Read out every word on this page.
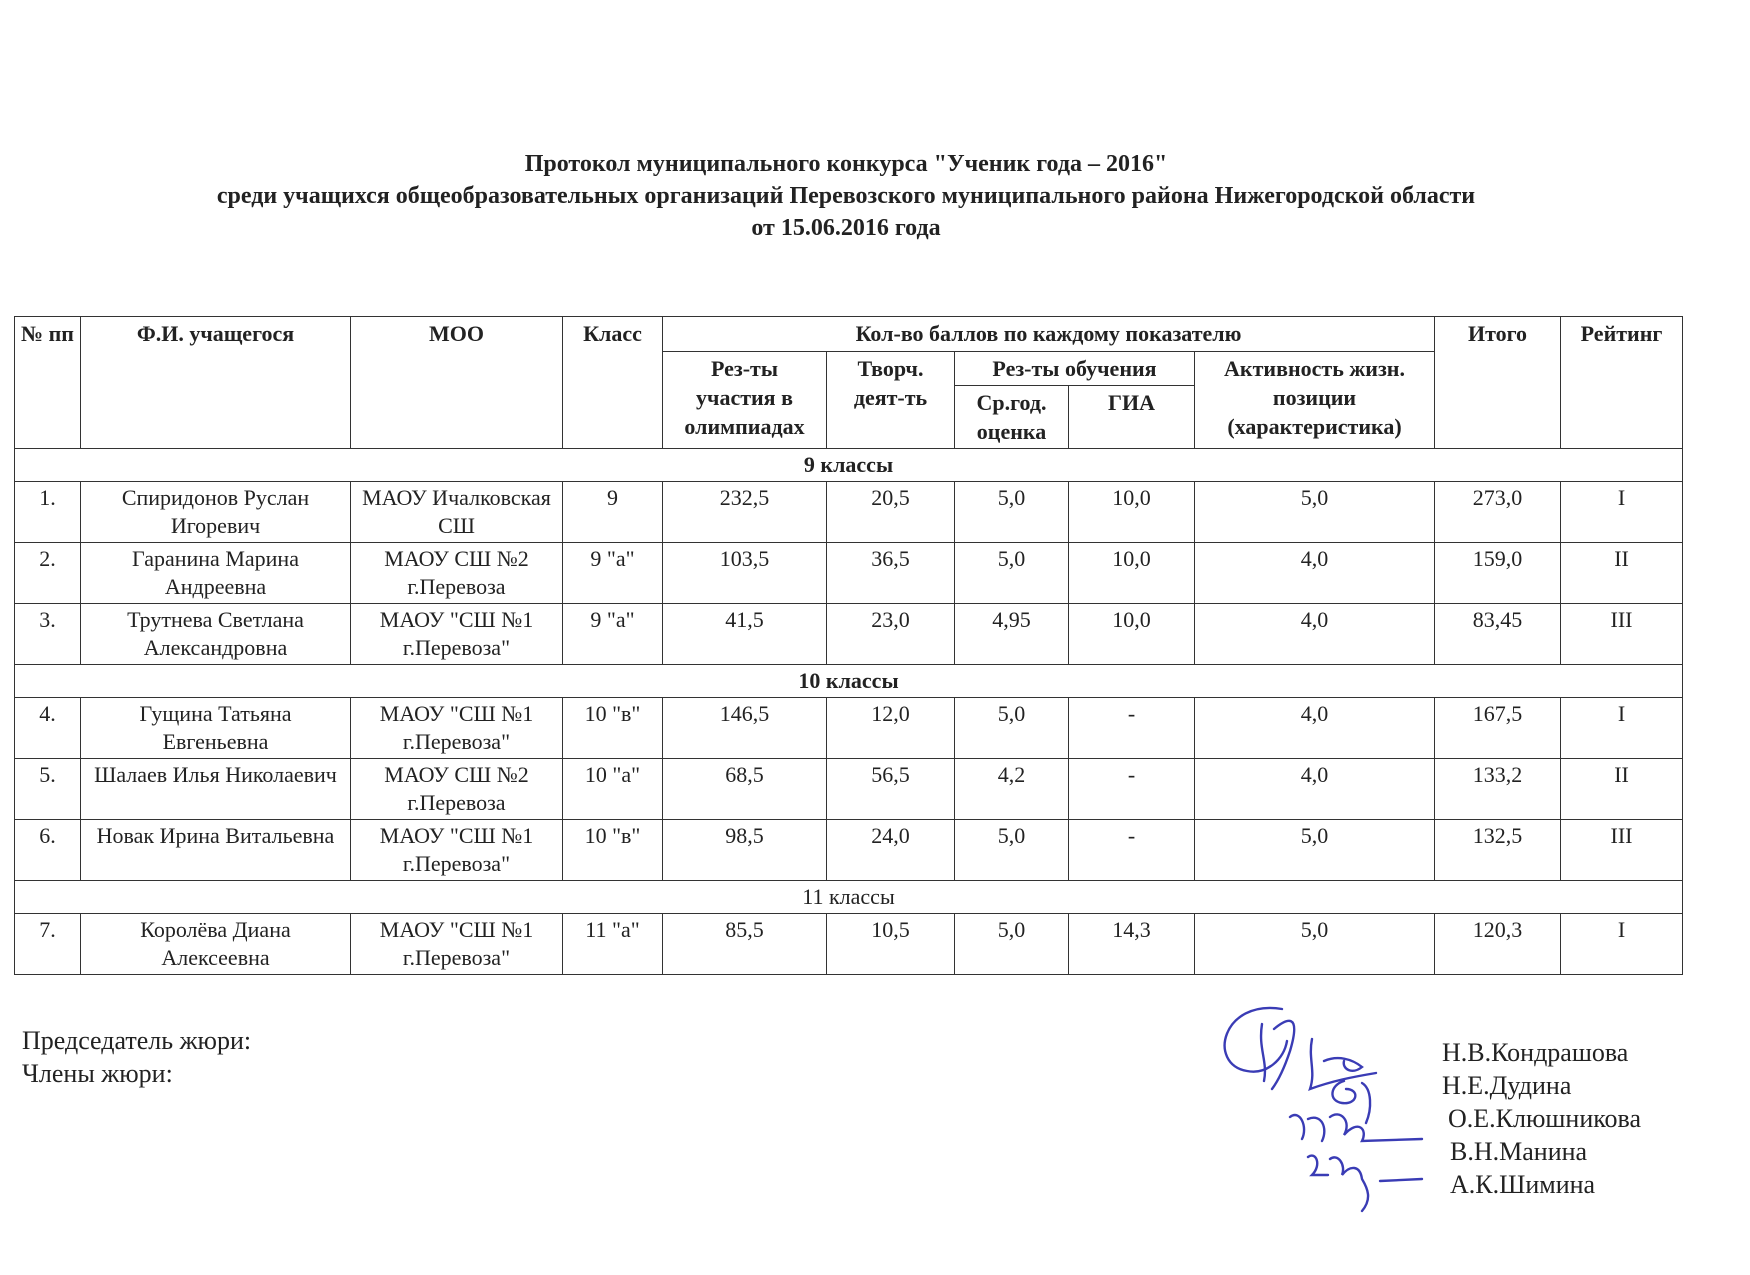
Протокол муниципального конкурса "Ученик года – 2016"
среди учащихся общеобразовательных организаций Перевозского муниципального района Нижегородской области
от 15.06.2016 года
№ пп	Ф.И. учащегося	МОО	Класс	Кол-во баллов по каждому показателю					Итого	Рейтинг
				Рез-ты участия в олимпиадах	Творч. деят-ть	Рез-ты обучения		Активность жизн. позиции (характеристика)		
						Ср.год. оценка	ГИА			
9 классы										
1.	Спиридонов Руслан Игоревич	МАОУ Ичалковская СШ	9	232,5	20,5	5,0	10,0	5,0	273,0	I
2.	Гаранина Марина Андреевна	МАОУ СШ №2 г.Перевоза	9 "а"	103,5	36,5	5,0	10,0	4,0	159,0	II
3.	Трутнева Светлана Александровна	МАОУ "СШ №1 г.Перевоза"	9 "а"	41,5	23,0	4,95	10,0	4,0	83,45	III
10 классы										
4.	Гущина Татьяна Евгеньевна	МАОУ "СШ №1 г.Перевоза"	10 "в"	146,5	12,0	5,0	-	4,0	167,5	I
5.	Шалаев Илья Николаевич	МАОУ СШ №2 г.Перевоза	10 "а"	68,5	56,5	4,2	-	4,0	133,2	II
6.	Новак Ирина Витальевна	МАОУ "СШ №1 г.Перевоза"	10 "в"	98,5	24,0	5,0	-	5,0	132,5	III
11 классы										
7.	Королёва Диана Алексеевна	МАОУ "СШ №1 г.Перевоза"	11 "а"	85,5	10,5	5,0	14,3	5,0	120,3	I
Председатель жюри:
Члены жюри:
Н.В.Кондрашова
Н.Е.Дудина
О.Е.Клюшникова
В.Н.Манина
А.К.Шимина
